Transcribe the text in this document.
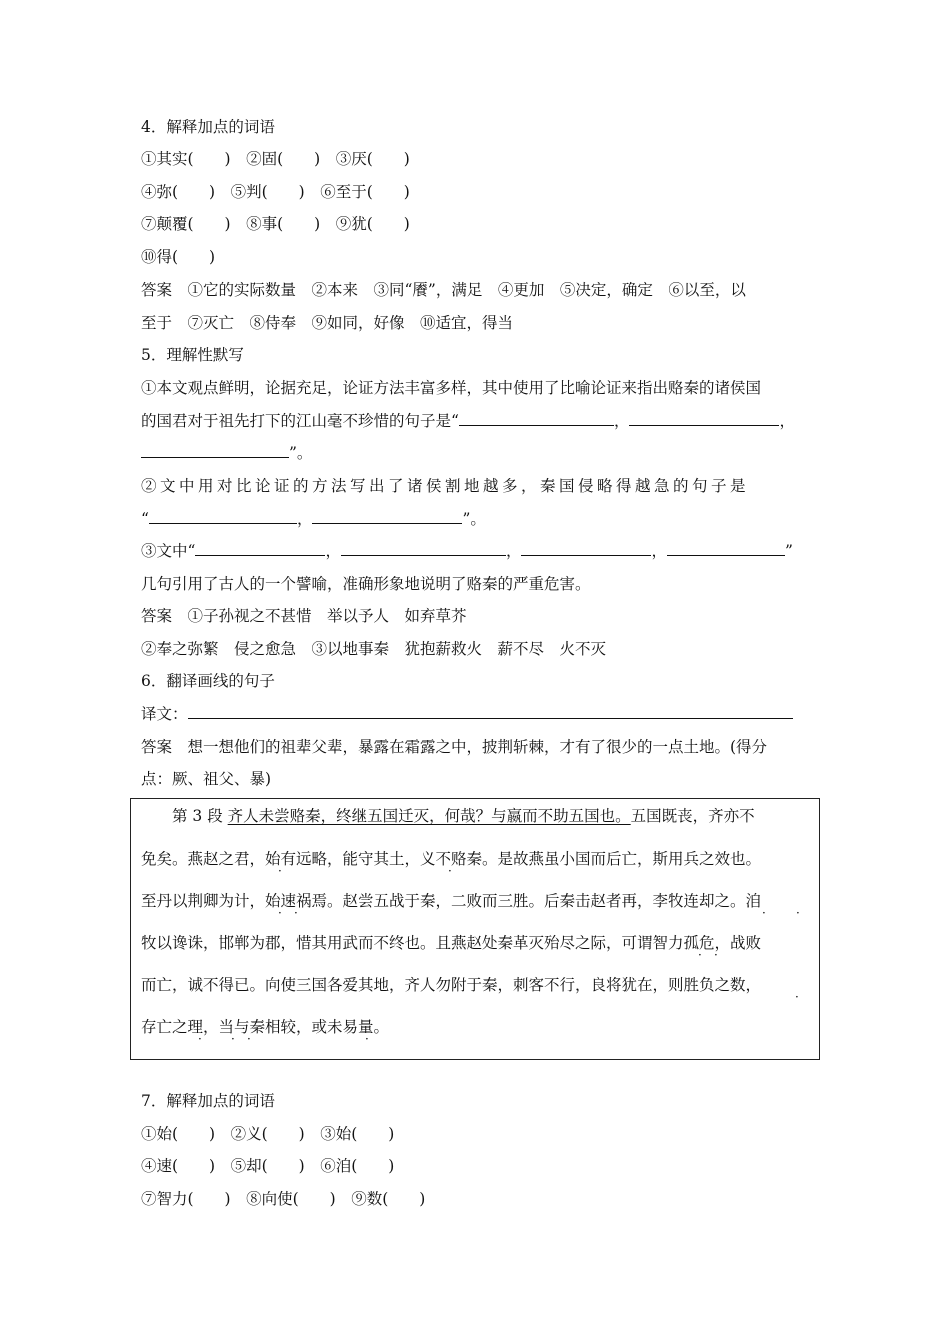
4．解释加点的词语
①其实(　　)　②固(　　)　③厌(　　)
④弥(　　)　⑤判(　　)　⑥至于(　　)
⑦颠覆(　　)　⑧事(　　)　⑨犹(　　)
⑩得(　　)
答案　①它的实际数量　②本来　③同“餍”，满足　④更加　⑤决定，确定　⑥以至，以
至于　⑦灭亡　⑧侍奉　⑨如同，好像　⑩适宜，得当
5．理解性默写
①本文观点鲜明，论据充足，论证方法丰富多样，其中使用了比喻论证来指出赂秦的诸侯国
的国君对于祖先打下的江山毫不珍惜的句子是“	，	，
”。
②文中用对比论证的方法写出了诸侯割地越多，秦国侵略得越急的句子是
“	，	”。
③文中“	，	，	，	”
几句引用了古人的一个譬喻，准确形象地说明了赂秦的严重危害。
答案　①子孙视之不甚惜　举以予人　如弃草芥
②奉之弥繁　侵之愈急　③以地事秦　犹抱薪救火　薪不尽　火不灭
6．翻译画线的句子
译文：
答案　想一想他们的祖辈父辈，暴露在霜露之中，披荆斩棘，才有了很少的一点土地。(得分
点：厥、祖父、暴)
　　第 3 段 齐人未尝赂秦，终继五国迁灭，何哉？与嬴而不助五国也。五国既丧，齐亦不
免矣。燕赵之君，始有远略，能守其土，义不赂秦。是故燕虽小国而后亡，斯用兵之效也。
至丹以荆卿为计，始速祸焉。赵尝五战于秦，二败而三胜。后秦击赵者再，李牧连却之。洎
牧以谗诛，邯郸为郡，惜其用武而不终也。且燕赵处秦革灭殆尽之际，可谓智力孤危，战败
而亡，诚不得已。向使三国各爱其地，齐人勿附于秦，刺客不行，良将犹在，则胜负之数，
存亡之理，当与秦相较，或未易量。
·	·
· ·	·	·
· ·
·
· · ·	·
7．解释加点的词语
①始(　　)　②义(　　)　③始(　　)
④速(　　)　⑤却(　　)　⑥洎(　　)
⑦智力(　　)　⑧向使(　　)　⑨数(　　)
